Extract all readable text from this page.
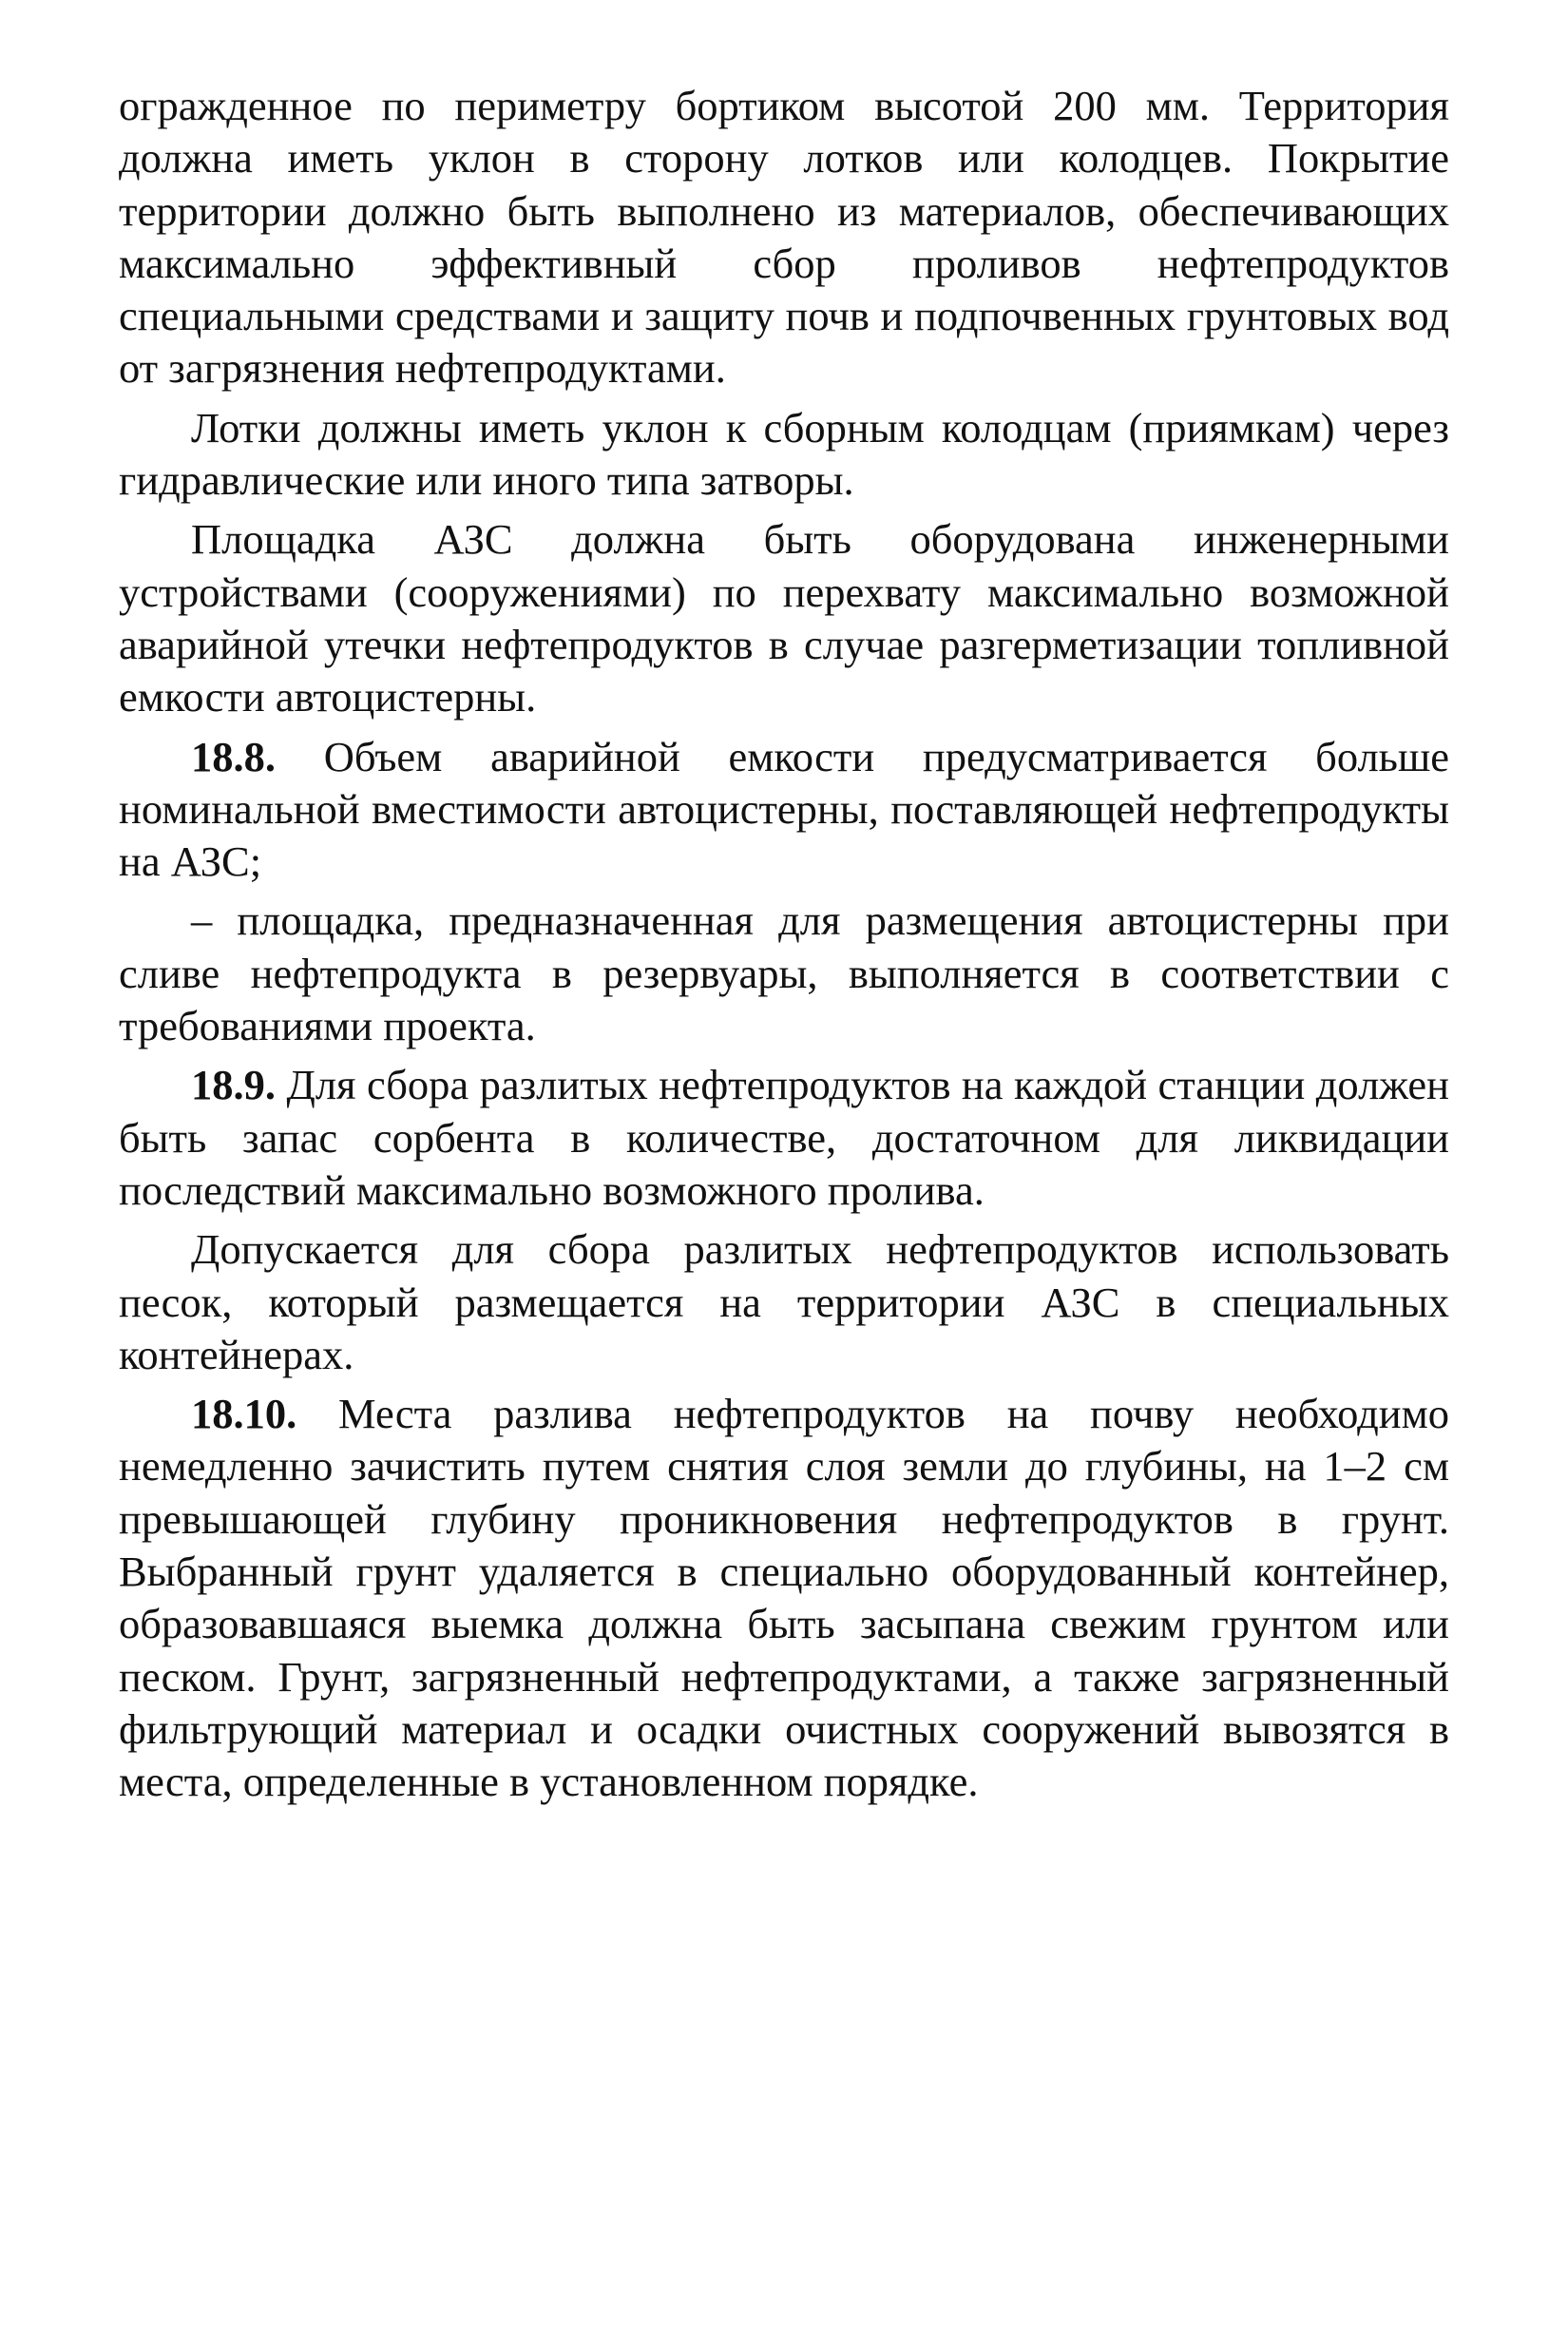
огражденное по периметру бортиком высотой 200 мм. Территория должна иметь уклон в сторону лотков или колодцев. Покрытие территории должно быть выполнено из материалов, обеспечивающих максимально эффективный сбор проливов нефтепродуктов специальными средствами и защиту почв и подпочвенных грунтовых вод от загрязнения нефтепродуктами.

Лотки должны иметь уклон к сборным колодцам (приямкам) через гидравлические или иного типа затворы.

Площадка АЗС должна быть оборудована инженерными устройствами (сооружениями) по перехвату максимально возможной аварийной утечки нефтепродуктов в случае разгерметизации топливной емкости автоцистерны.

18.8. Объем аварийной емкости предусматривается больше номинальной вместимости автоцистерны, поставляющей нефтепродукты на АЗС;

– площадка, предназначенная для размещения автоцистерны при сливе нефтепродукта в резервуары, выполняется в соответствии с требованиями проекта.

18.9. Для сбора разлитых нефтепродуктов на каждой станции должен быть запас сорбента в количестве, достаточном для ликвидации последствий максимально возможного пролива.

Допускается для сбора разлитых нефтепродуктов использовать песок, который размещается на территории АЗС в специальных контейнерах.

18.10. Места разлива нефтепродуктов на почву необходимо немедленно зачистить путем снятия слоя земли до глубины, на 1–2 см превышающей глубину проникновения нефтепродуктов в грунт. Выбранный грунт удаляется в специально оборудованный контейнер, образовавшаяся выемка должна быть засыпана свежим грунтом или песком. Грунт, загрязненный нефтепродуктами, а также загрязненный фильтрующий материал и осадки очистных сооружений вывозятся в места, определенные в установленном порядке.
